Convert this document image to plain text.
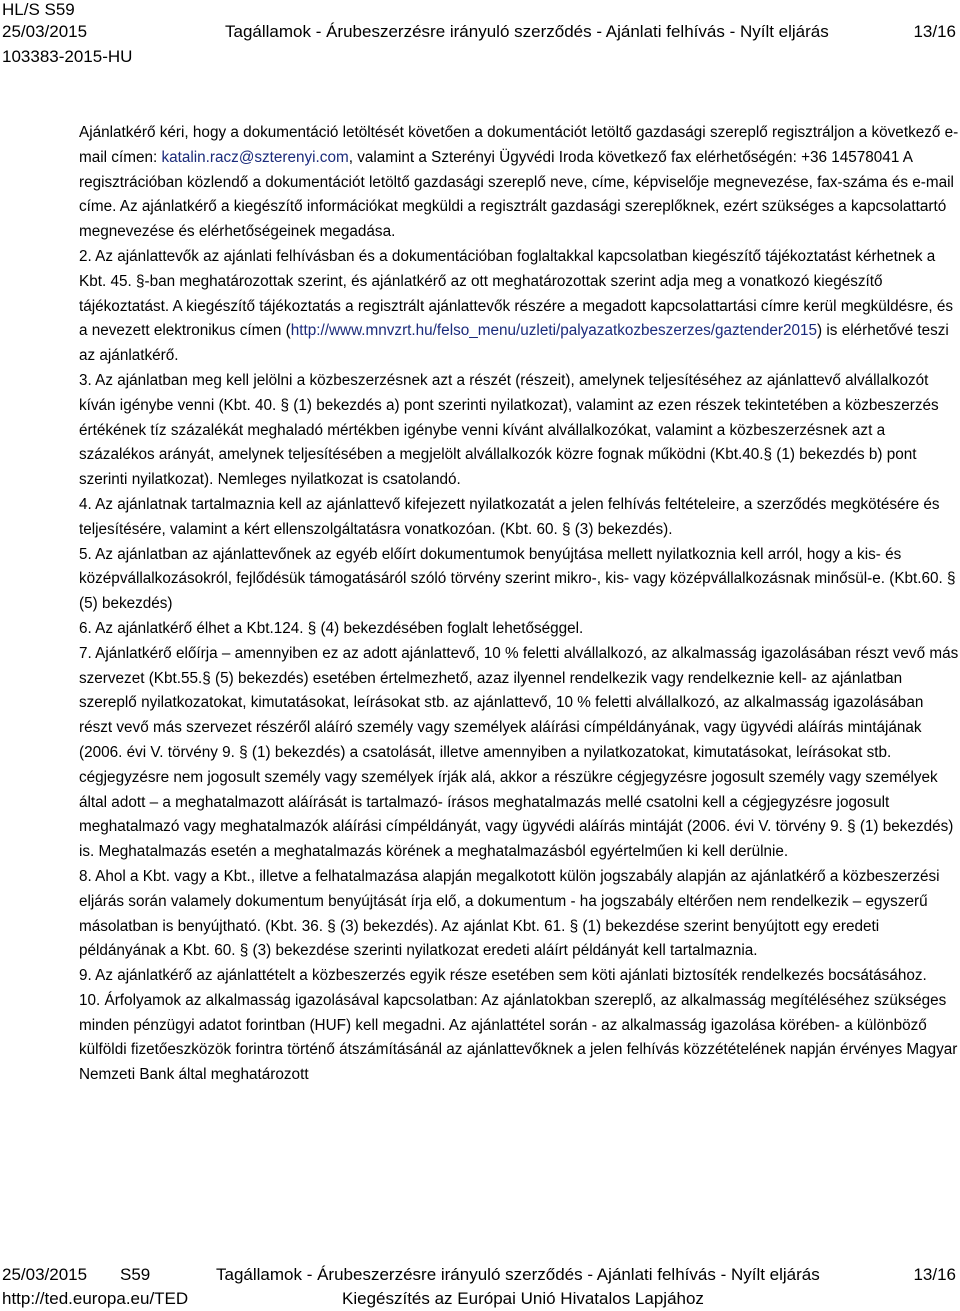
HL/S S59
25/03/2015	Tagállamok - Árubeszerzésre irányuló szerződés - Ajánlati felhívás - Nyílt eljárás	13/16
103383-2015-HU

Ajánlatkérő kéri, hogy a dokumentáció letöltését követően a dokumentációt letöltő gazdasági szereplő regisztráljon a következő e-mail címen: katalin.racz@szterenyi.com, valamint a Szterényi Ügyvédi Iroda következő fax elérhetőségén: +36 14578041 A regisztrációban közlendő a dokumentációt letöltő gazdasági szereplő neve, címe, képviselője megnevezése, fax-száma és e-mail címe. Az ajánlatkérő a kiegészítő információkat megküldi a regisztrált gazdasági szereplőknek, ezért szükséges a kapcsolattartó megnevezése és elérhetőségeinek megadása.

2. Az ajánlattevők az ajánlati felhívásban és a dokumentációban foglaltakkal kapcsolatban kiegészítő tájékoztatást kérhetnek a Kbt. 45. §-ban meghatározottak szerint, és ajánlatkérő az ott meghatározottak szerint adja meg a vonatkozó kiegészítő tájékoztatást. A kiegészítő tájékoztatás a regisztrált ajánlattevők részére a megadott kapcsolattartási címre kerül megküldésre, és a nevezett elektronikus címen (http://www.mnvzrt.hu/felso_menu/uzleti/palyazatkozbeszerzes/gaztender2015) is elérhetővé teszi az ajánlatkérő.

3. Az ajánlatban meg kell jelölni a közbeszerzésnek azt a részét (részeit), amelynek teljesítéséhez az ajánlattevő alvállalkozót kíván igénybe venni (Kbt. 40. § (1) bekezdés a) pont szerinti nyilatkozat), valamint az ezen részek tekintetében a közbeszerzés értékének tíz százalékát meghaladó mértékben igénybe venni kívánt alvállalkozókat, valamint a közbeszerzésnek azt a százalékos arányát, amelynek teljesítésében a megjelölt alvállalkozók közre fognak működni (Kbt.40.§ (1) bekezdés b) pont szerinti nyilatkozat). Nemleges nyilatkozat is csatolandó.

4. Az ajánlatnak tartalmaznia kell az ajánlattevő kifejezett nyilatkozatát a jelen felhívás feltételeire, a szerződés megkötésére és teljesítésére, valamint a kért ellenszolgáltatásra vonatkozóan. (Kbt. 60. § (3) bekezdés).

5. Az ajánlatban az ajánlattevőnek az egyéb előírt dokumentumok benyújtása mellett nyilatkoznia kell arról, hogy a kis- és középvállalkozásokról, fejlődésük támogatásáról szóló törvény szerint mikro-, kis- vagy középvállalkozásnak minősül-e. (Kbt.60. § (5) bekezdés)

6. Az ajánlatkérő élhet a Kbt.124. § (4) bekezdésében foglalt lehetőséggel.

7. Ajánlatkérő előírja – amennyiben ez az adott ajánlattevő, 10 % feletti alvállalkozó, az alkalmasság igazolásában részt vevő más szervezet (Kbt.55.§ (5) bekezdés) esetében értelmezhető, azaz ilyennel rendelkezik vagy rendelkeznie kell- az ajánlatban szereplő nyilatkozatokat, kimutatásokat, leírásokat stb. az ajánlattevő, 10 % feletti alvállalkozó, az alkalmasság igazolásában részt vevő más szervezet részéről aláíró személy vagy személyek aláírási címpéldányának, vagy ügyvédi aláírás mintájának (2006. évi V. törvény 9. § (1) bekezdés) a csatolását, illetve amennyiben a nyilatkozatokat, kimutatásokat, leírásokat stb. cégjegyzésre nem jogosult személy vagy személyek írják alá, akkor a részükre cégjegyzésre jogosult személy vagy személyek által adott – a meghatalmazott aláírását is tartalmazó- írásos meghatalmazás mellé csatolni kell a cégjegyzésre jogosult meghatalmazó vagy meghatalmazók aláírási címpéldányát, vagy ügyvédi aláírás mintáját (2006. évi V. törvény 9. § (1) bekezdés) is. Meghatalmazás esetén a meghatalmazás körének a meghatalmazásból egyértelműen ki kell derülnie.

8. Ahol a Kbt. vagy a Kbt., illetve a felhatalmazása alapján megalkotott külön jogszabály alapján az ajánlatkérő a közbeszerzési eljárás során valamely dokumentum benyújtását írja elő, a dokumentum - ha jogszabály eltérően nem rendelkezik – egyszerű másolatban is benyújtható. (Kbt. 36. § (3) bekezdés). Az ajánlat Kbt. 61. § (1) bekezdése szerint benyújtott egy eredeti példányának a Kbt. 60. § (3) bekezdése szerinti nyilatkozat eredeti aláírt példányát kell tartalmaznia.

9. Az ajánlatkérő az ajánlattételt a közbeszerzés egyik része esetében sem köti ajánlati biztosíték rendelkezés bocsátásához.

10. Árfolyamok az alkalmasság igazolásával kapcsolatban: Az ajánlatokban szereplő, az alkalmasság megítéléséhez szükséges minden pénzügyi adatot forintban (HUF) kell megadni. Az ajánlattétel során - az alkalmasság igazolása körében- a különböző külföldi fizetőeszközök forintra történő átszámításánál az ajánlattevőknek a jelen felhívás közzétételének napján érvényes Magyar Nemzeti Bank által meghatározott

25/03/2015 S59	Tagállamok - Árubeszerzésre irányuló szerződés - Ajánlati felhívás - Nyílt eljárás	13/16
http://ted.europa.eu/TED	Kiegészítés az Európai Unió Hivatalos Lapjához
